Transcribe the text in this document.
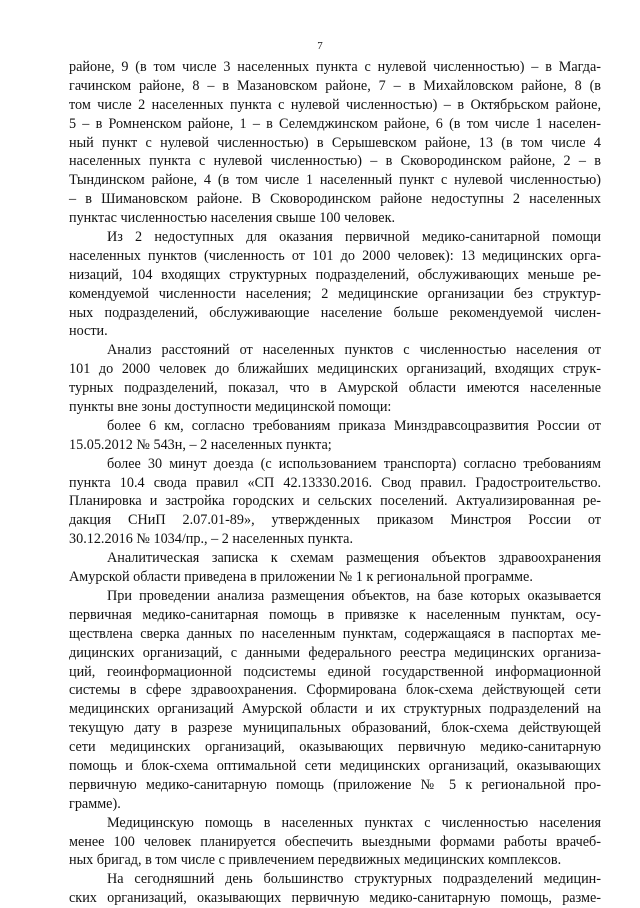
7
районе, 9 (в том числе 3 населенных пункта с нулевой численностью) – в Магда-
гачинском районе, 8 – в Мазановском районе, 7 – в Михайловском районе, 8 (в
том числе 2 населенных пункта с нулевой численностью) – в Октябрьском районе,
5 – в Ромненском районе, 1 – в Селемджинском районе, 6 (в том числе 1 населен-
ный пункт с нулевой численностью) в Серышевском районе, 13 (в том числе 4
населенных пункта с нулевой численностью) – в Сковородинском районе, 2 – в
Тындинском районе, 4 (в том числе 1 населенный пункт с нулевой численностью)
– в Шимановском районе. В Сковородинском районе недоступны 2 населенных
пунктас численностью населения свыше 100 человек.
Из 2 недоступных для оказания первичной медико-санитарной помощи
населенных пунктов (численность от 101 до 2000 человек): 13 медицинских орга-
низаций, 104 входящих структурных подразделений, обслуживающих меньше ре-
комендуемой численности населения; 2 медицинские организации без структур-
ных подразделений, обслуживающие население больше рекомендуемой числен-
ности.
Анализ расстояний от населенных пунктов с численностью населения от
101 до 2000 человек до ближайших медицинских организаций, входящих струк-
турных подразделений, показал, что в Амурской области имеются населенные
пункты вне зоны доступности медицинской помощи:
более 6 км, согласно требованиям приказа Минздравсоцразвития России от
15.05.2012 № 543н, – 2 населенных пункта;
более 30 минут доезда (с использованием транспорта) согласно требованиям
пункта 10.4 свода правил «СП 42.13330.2016. Свод правил. Градостроительство.
Планировка и застройка городских и сельских поселений. Актуализированная ре-
дакция СНиП 2.07.01-89», утвержденных приказом Минстроя России от
30.12.2016 № 1034/пр., – 2 населенных пункта.
Аналитическая записка к схемам размещения объектов здравоохранения
Амурской области приведена в приложении № 1 к региональной программе.
При проведении анализа размещения объектов, на базе которых оказывается
первичная медико-санитарная помощь в привязке к населенным пунктам, осу-
ществлена сверка данных по населенным пунктам, содержащаяся в паспортах ме-
дицинских организаций, с данными федерального реестра медицинских организа-
ций, геоинформационной подсистемы единой государственной информационной
системы в сфере здравоохранения. Сформирована блок-схема действующей сети
медицинских организаций Амурской области и их структурных подразделений на
текущую дату в разрезе муниципальных образований, блок-схема действующей
сети медицинских организаций, оказывающих первичную медико-санитарную
помощь и блок-схема оптимальной сети медицинских организаций, оказывающих
первичную медико-санитарную помощь (приложение № 5 к региональной про-
грамме).
Медицинскую помощь в населенных пунктах с численностью населения
менее 100 человек планируется обеспечить выездными формами работы врачеб-
ных бригад, в том числе с привлечением передвижных медицинских комплексов.
На сегодняшний день большинство структурных подразделений медицин-
ских организаций, оказывающих первичную медико-санитарную помощь, разме-
